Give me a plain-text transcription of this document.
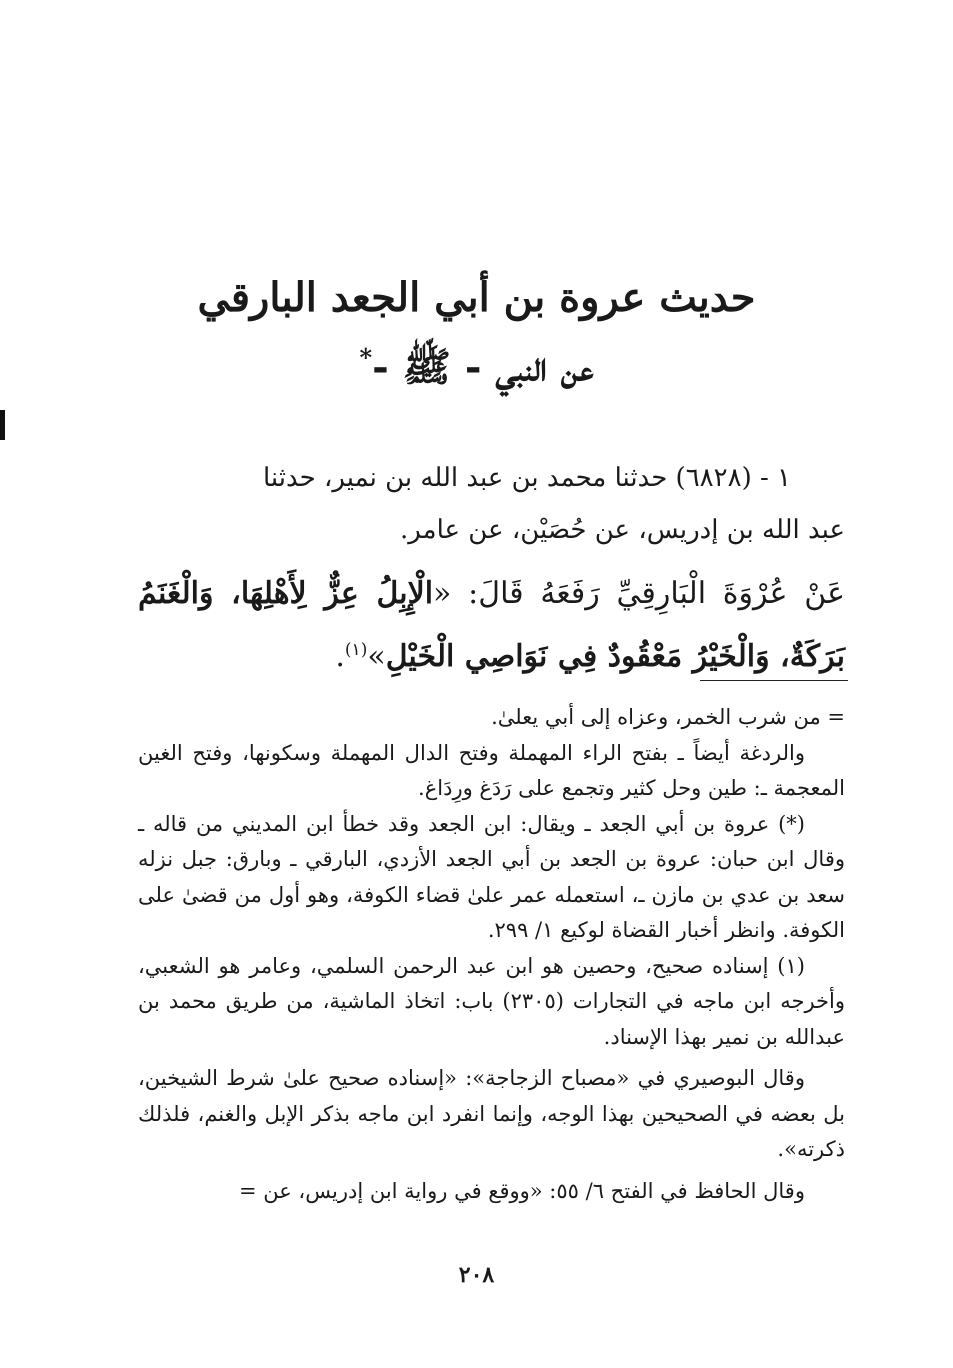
حديث عروة بن أبي الجعد البارقي
عن النبي - ﷺ -*
١ - (٦٨٢٨) حدثنا محمد بن عبد الله بن نمير، حدثنا
عبد الله بن إدريس، عن حُصَيْن، عن عامر.
عَنْ عُرْوَةَ الْبَارِقِيِّ رَفَعَهُ قَالَ: «الْإِبِلُ عِزٌّ لِأَهْلِهَا، وَالْغَنَمُ بَرَكَةٌ، وَالْخَيْرُ مَعْقُودٌ فِي نَوَاصِي الْخَيْلِ»$^{(١)}$.

= من شرب الخمر، وعزاه إلى أبي يعلىٰ.

والردغة أيضاً ـ بفتح الراء المهملة وفتح الدال المهملة وسكونها، وفتح الغين المعجمة ـ: طين وحل كثير وتجمع على رَدَغ ورِدَاغ.

(*) عروة بن أبي الجعد ـ ويقال: ابن الجعد وقد خطأ ابن المديني من قاله ـ وقال ابن حبان: عروة بن الجعد بن أبي الجعد الأزدي، البارقي ـ وبارق: جبل نزله سعد بن عدي بن مازن ـ، استعمله عمر علىٰ قضاء الكوفة، وهو أول من قضىٰ على الكوفة. وانظر أخبار القضاة لوكيع ١/ ٢٩٩.

(١) إسناده صحيح، وحصين هو ابن عبد الرحمن السلمي، وعامر هو الشعبي، وأخرجه ابن ماجه في التجارات (٢٣٠٥) باب: اتخاذ الماشية، من طريق محمد بن عبدالله بن نمير بهذا الإسناد.

وقال البوصيري في «مصباح الزجاجة»: «إسناده صحيح علىٰ شرط الشيخين، بل بعضه في الصحيحين بهذا الوجه، وإنما انفرد ابن ماجه بذكر الإبل والغنم، فلذلك ذكرته».

وقال الحافظ في الفتح ٦/ ٥٥: «ووقع في رواية ابن إدريس، عن =

٢٠٨
